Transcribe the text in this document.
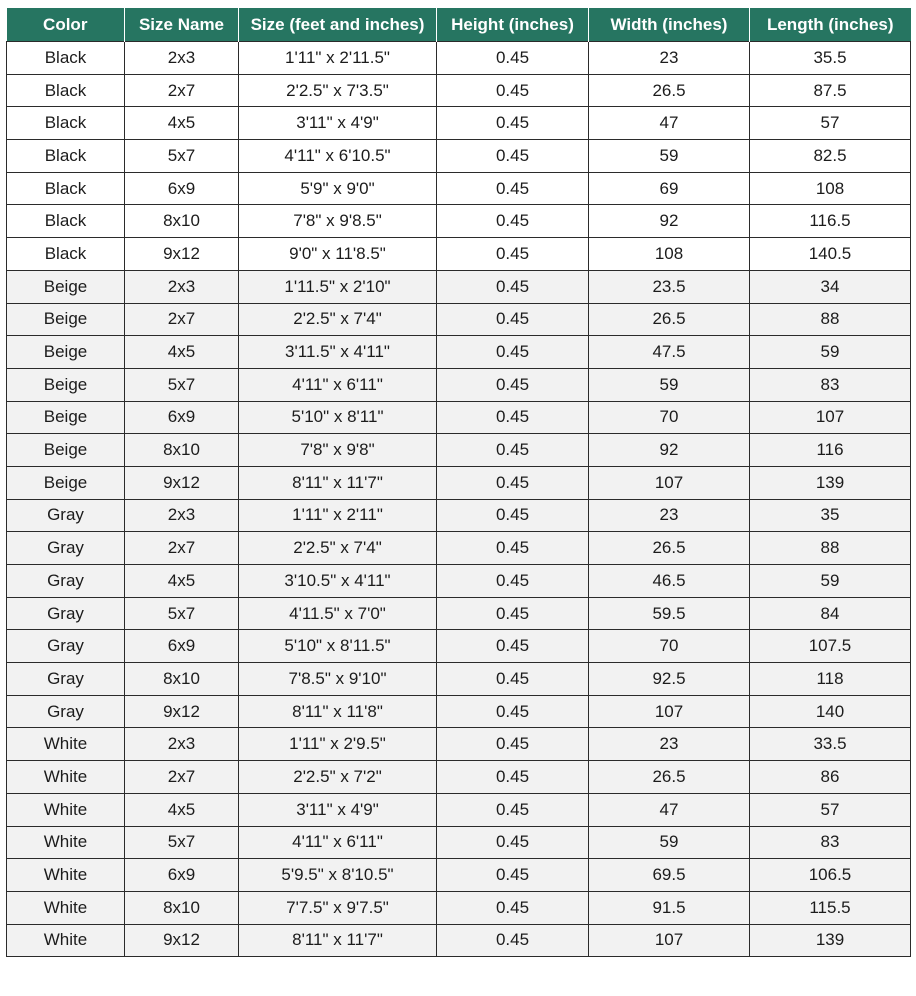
Color	Size Name	Size (feet and inches)	Height (inches)	Width (inches)	Length (inches)
Black	2x3	1'11" x 2'11.5"	0.45	23	35.5
Black	2x7	2'2.5" x 7'3.5"	0.45	26.5	87.5
Black	4x5	3'11" x 4'9"	0.45	47	57
Black	5x7	4'11" x 6'10.5"	0.45	59	82.5
Black	6x9	5'9" x 9'0"	0.45	69	108
Black	8x10	7'8" x 9'8.5"	0.45	92	116.5
Black	9x12	9'0" x 11'8.5"	0.45	108	140.5
Beige	2x3	1'11.5" x 2'10"	0.45	23.5	34
Beige	2x7	2'2.5" x 7'4"	0.45	26.5	88
Beige	4x5	3'11.5" x 4'11"	0.45	47.5	59
Beige	5x7	4'11" x 6'11"	0.45	59	83
Beige	6x9	5'10" x 8'11"	0.45	70	107
Beige	8x10	7'8" x 9'8"	0.45	92	116
Beige	9x12	8'11" x 11'7"	0.45	107	139
Gray	2x3	1'11" x 2'11"	0.45	23	35
Gray	2x7	2'2.5" x 7'4"	0.45	26.5	88
Gray	4x5	3'10.5" x 4'11"	0.45	46.5	59
Gray	5x7	4'11.5" x 7'0"	0.45	59.5	84
Gray	6x9	5'10" x 8'11.5"	0.45	70	107.5
Gray	8x10	7'8.5" x 9'10"	0.45	92.5	118
Gray	9x12	8'11" x 11'8"	0.45	107	140
White	2x3	1'11" x 2'9.5"	0.45	23	33.5
White	2x7	2'2.5" x 7'2"	0.45	26.5	86
White	4x5	3'11" x 4'9"	0.45	47	57
White	5x7	4'11" x 6'11"	0.45	59	83
White	6x9	5'9.5" x 8'10.5"	0.45	69.5	106.5
White	8x10	7'7.5" x 9'7.5"	0.45	91.5	115.5
White	9x12	8'11" x 11'7"	0.45	107	139
